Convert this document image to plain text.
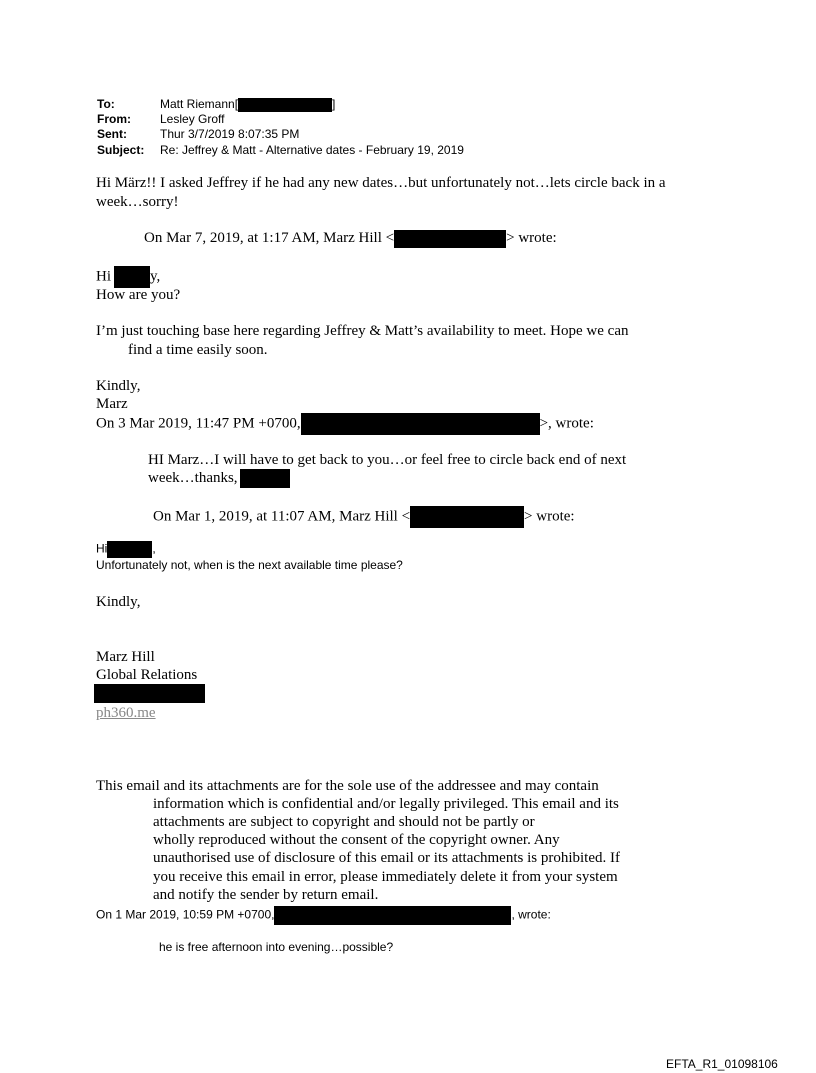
To:	Matt Riemann[	]
From: Lesley Groff
Sent:	Thur 3/7/2019 8:07:35 PM
Subject: Re: Jeffrey & Matt - Alternative dates - February 19, 2019
Hi März!! I asked Jeffrey if he had any new dates…but unfortunately not…lets circle back in a
week…sorry!
On Mar 7, 2019, at 1:17 AM, Marz Hill <	> wrote:
Hi	y,
How are you?
I’m just touching base here regarding Jeffrey & Matt’s availability to meet. Hope we can
find a time easily soon.
Kindly,
Marz
On 3 Mar 2019, 11:47 PM +0700,	>, wrote:
HI Marz…I will have to get back to you…or feel free to circle back end of next
week…thanks,
On Mar 1, 2019, at 11:07 AM, Marz Hill <	> wrote:
Hi	,
Unfortunately not, when is the next available time please?
Kindly,
Marz Hill
Global Relations
ph360.me
This email and its attachments are for the sole use of the addressee and may contain
information which is confidential and/or legally privileged. This email and its
attachments are subject to copyright and should not be partly or
wholly reproduced without the consent of the copyright owner. Any
unauthorised use of disclosure of this email or its attachments is prohibited. If
you receive this email in error, please immediately delete it from your system
and notify the sender by return email.
On 1 Mar 2019, 10:59 PM +0700,	, wrote:
he is free afternoon into evening…possible?
EFTA_R1_01098106
